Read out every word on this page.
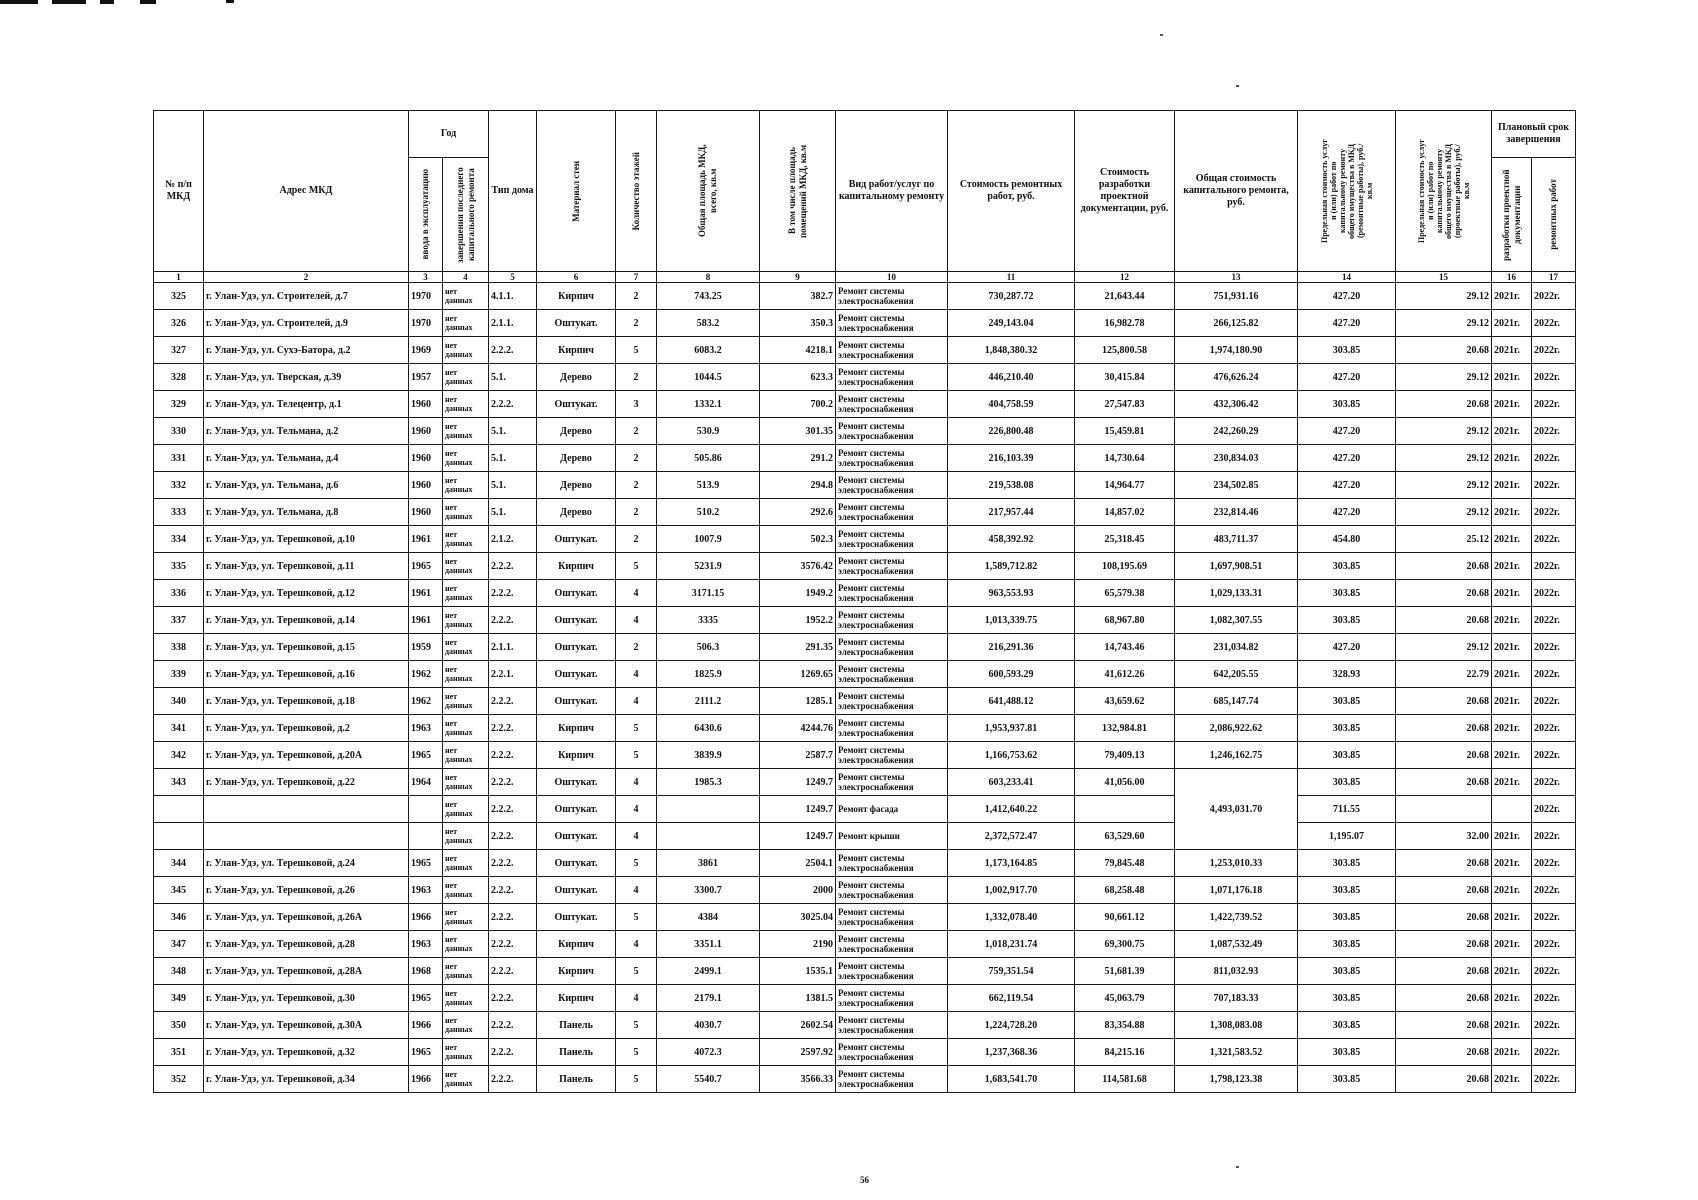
№ п/п МКД	Адрес МКД	Год		Тип дома	Материал стен	Количество этажей	Общая площадь МКД, всего, кв.м	В том числе площадь помещений МКД, кв.м	Вид работ/услуг по капитальному ремонту	Стоимость ремонтных работ, руб.	Стоимость разработки проектной документации, руб.	Общая стоимость капитального ремонта, руб.	Предельная стоимость услуг и (или) работ по капитальному ремонту общего имущества в МКД (ремонтные работы), руб./кв.м	Предельная стоимость услуг и (или) работ по капитальному ремонту общего имущества в МКД (проектные работы), руб./кв.м	Плановый срок завершения	

		ввода в эксплуатацию	завершения последнего капитального ремонта												разработки проектной документации	ремонтных работ

1	2	3	4	5	6	7	8	9	10	11	12	13	14	15	16	17
325	г. Улан-Удэ, ул. Строителей, д.7	1970	нет данных	4.1.1.	Кирпич	2	743.25	382.7	Ремонт системы электроснабжения	730,287.72	21,643.44	751,931.16	427.20	29.12	2021г.	2022г.
326	г. Улан-Удэ, ул. Строителей, д.9	1970	нет данных	2.1.1.	Оштукат.	2	583.2	350.3	Ремонт системы электроснабжения	249,143.04	16,982.78	266,125.82	427.20	29.12	2021г.	2022г.
327	г. Улан-Удэ, ул. Сухэ-Батора, д.2	1969	нет данных	2.2.2.	Кирпич	5	6083.2	4218.1	Ремонт системы электроснабжения	1,848,380.32	125,800.58	1,974,180.90	303.85	20.68	2021г.	2022г.
328	г. Улан-Удэ, ул. Тверская, д.39	1957	нет данных	5.1.	Дерево	2	1044.5	623.3	Ремонт системы электроснабжения	446,210.40	30,415.84	476,626.24	427.20	29.12	2021г.	2022г.
329	г. Улан-Удэ, ул. Телецентр, д.1	1960	нет данных	2.2.2.	Оштукат.	3	1332.1	700.2	Ремонт системы электроснабжения	404,758.59	27,547.83	432,306.42	303.85	20.68	2021г.	2022г.
330	г. Улан-Удэ, ул. Тельмана, д.2	1960	нет данных	5.1.	Дерево	2	530.9	301.35	Ремонт системы электроснабжения	226,800.48	15,459.81	242,260.29	427.20	29.12	2021г.	2022г.
331	г. Улан-Удэ, ул. Тельмана, д.4	1960	нет данных	5.1.	Дерево	2	505.86	291.2	Ремонт системы электроснабжения	216,103.39	14,730.64	230,834.03	427.20	29.12	2021г.	2022г.
332	г. Улан-Удэ, ул. Тельмана, д.6	1960	нет данных	5.1.	Дерево	2	513.9	294.8	Ремонт системы электроснабжения	219,538.08	14,964.77	234,502.85	427.20	29.12	2021г.	2022г.
333	г. Улан-Удэ, ул. Тельмана, д.8	1960	нет данных	5.1.	Дерево	2	510.2	292.6	Ремонт системы электроснабжения	217,957.44	14,857.02	232,814.46	427.20	29.12	2021г.	2022г.
334	г. Улан-Удэ, ул. Терешковой, д.10	1961	нет данных	2.1.2.	Оштукат.	2	1007.9	502.3	Ремонт системы электроснабжения	458,392.92	25,318.45	483,711.37	454.80	25.12	2021г.	2022г.
335	г. Улан-Удэ, ул. Терешковой, д.11	1965	нет данных	2.2.2.	Кирпич	5	5231.9	3576.42	Ремонт системы электроснабжения	1,589,712.82	108,195.69	1,697,908.51	303.85	20.68	2021г.	2022г.
336	г. Улан-Удэ, ул. Терешковой, д.12	1961	нет данных	2.2.2.	Оштукат.	4	3171.15	1949.2	Ремонт системы электроснабжения	963,553.93	65,579.38	1,029,133.31	303.85	20.68	2021г.	2022г.
337	г. Улан-Удэ, ул. Терешковой, д.14	1961	нет данных	2.2.2.	Оштукат.	4	3335	1952.2	Ремонт системы электроснабжения	1,013,339.75	68,967.80	1,082,307.55	303.85	20.68	2021г.	2022г.
338	г. Улан-Удэ, ул. Терешковой, д.15	1959	нет данных	2.1.1.	Оштукат.	2	506.3	291.35	Ремонт системы электроснабжения	216,291.36	14,743.46	231,034.82	427.20	29.12	2021г.	2022г.
339	г. Улан-Удэ, ул. Терешковой, д.16	1962	нет данных	2.2.1.	Оштукат.	4	1825.9	1269.65	Ремонт системы электроснабжения	600,593.29	41,612.26	642,205.55	328.93	22.79	2021г.	2022г.
340	г. Улан-Удэ, ул. Терешковой, д.18	1962	нет данных	2.2.2.	Оштукат.	4	2111.2	1285.1	Ремонт системы электроснабжения	641,488.12	43,659.62	685,147.74	303.85	20.68	2021г.	2022г.
341	г. Улан-Удэ, ул. Терешковой, д.2	1963	нет данных	2.2.2.	Кирпич	5	6430.6	4244.76	Ремонт системы электроснабжения	1,953,937.81	132,984.81	2,086,922.62	303.85	20.68	2021г.	2022г.
342	г. Улан-Удэ, ул. Терешковой, д.20А	1965	нет данных	2.2.2.	Кирпич	5	3839.9	2587.7	Ремонт системы электроснабжения	1,166,753.62	79,409.13	1,246,162.75	303.85	20.68	2021г.	2022г.
343	г. Улан-Удэ, ул. Терешковой, д.22	1964	нет данных	2.2.2.	Оштукат.	4	1985.3	1249.7	Ремонт системы электроснабжения	603,233.41	41,056.00	4,493,031.70	303.85	20.68	2021г.	2022г.
			нет данных	2.2.2.	Оштукат.	4		1249.7	Ремонт фасада	1,412,640.22			711.55			2022г.
			нет данных	2.2.2.	Оштукат.	4		1249.7	Ремонт крыши	2,372,572.47	63,529.60		1,195.07	32.00	2021г.	2022г.
344	г. Улан-Удэ, ул. Терешковой, д.24	1965	нет данных	2.2.2.	Оштукат.	5	3861	2504.1	Ремонт системы электроснабжения	1,173,164.85	79,845.48	1,253,010.33	303.85	20.68	2021г.	2022г.
345	г. Улан-Удэ, ул. Терешковой, д.26	1963	нет данных	2.2.2.	Оштукат.	4	3300.7	2000	Ремонт системы электроснабжения	1,002,917.70	68,258.48	1,071,176.18	303.85	20.68	2021г.	2022г.
346	г. Улан-Удэ, ул. Терешковой, д.26А	1966	нет данных	2.2.2.	Оштукат.	5	4384	3025.04	Ремонт системы электроснабжения	1,332,078.40	90,661.12	1,422,739.52	303.85	20.68	2021г.	2022г.
347	г. Улан-Удэ, ул. Терешковой, д.28	1963	нет данных	2.2.2.	Кирпич	4	3351.1	2190	Ремонт системы электроснабжения	1,018,231.74	69,300.75	1,087,532.49	303.85	20.68	2021г.	2022г.
348	г. Улан-Удэ, ул. Терешковой, д.28А	1968	нет данных	2.2.2.	Кирпич	5	2499.1	1535.1	Ремонт системы электроснабжения	759,351.54	51,681.39	811,032.93	303.85	20.68	2021г.	2022г.
349	г. Улан-Удэ, ул. Терешковой, д.30	1965	нет данных	2.2.2.	Кирпич	4	2179.1	1381.5	Ремонт системы электроснабжения	662,119.54	45,063.79	707,183.33	303.85	20.68	2021г.	2022г.
350	г. Улан-Удэ, ул. Терешковой, д.30А	1966	нет данных	2.2.2.	Панель	5	4030.7	2602.54	Ремонт системы электроснабжения	1,224,728.20	83,354.88	1,308,083.08	303.85	20.68	2021г.	2022г.
351	г. Улан-Удэ, ул. Терешковой, д.32	1965	нет данных	2.2.2.	Панель	5	4072.3	2597.92	Ремонт системы электроснабжения	1,237,368.36	84,215.16	1,321,583.52	303.85	20.68	2021г.	2022г.
352	г. Улан-Удэ, ул. Терешковой, д.34	1966	нет данных	2.2.2.	Панель	5	5540.7	3566.33	Ремонт системы электроснабжения	1,683,541.70	114,581.68	1,798,123.38	303.85	20.68	2021г.	2022г.
56
